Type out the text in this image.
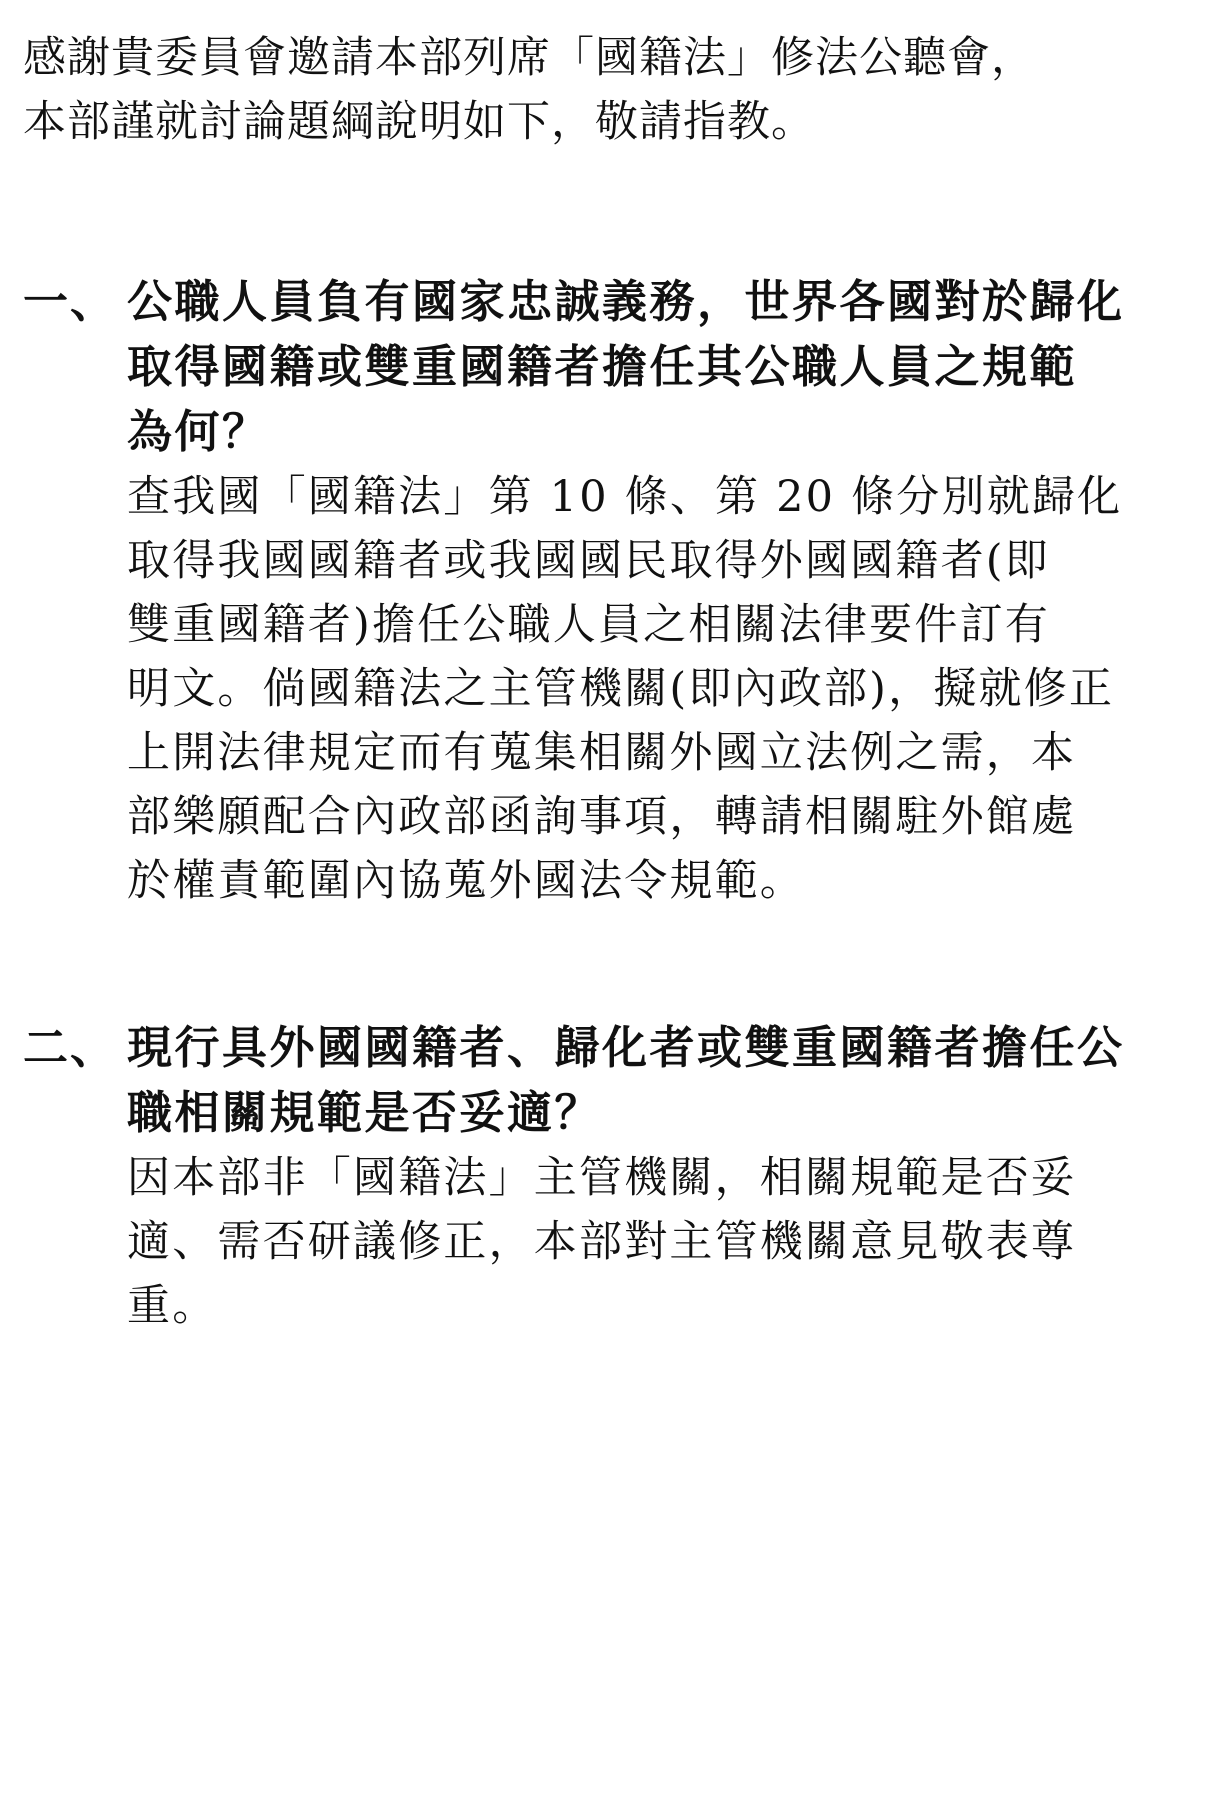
感謝貴委員會邀請本部列席「國籍法」修法公聽會，
本部謹就討論題綱說明如下，敬請指教。
一、 公職人員負有國家忠誠義務，世界各國對於歸化
取得國籍或雙重國籍者擔任其公職人員之規範
為何？
查我國「國籍法」第 10 條、第 20 條分別就歸化
取得我國國籍者或我國國民取得外國國籍者(即
雙重國籍者)擔任公職人員之相關法律要件訂有
明文。倘國籍法之主管機關(即內政部)，擬就修正
上開法律規定而有蒐集相關外國立法例之需，本
部樂願配合內政部函詢事項，轉請相關駐外館處
於權責範圍內協蒐外國法令規範。
二、 現行具外國國籍者、歸化者或雙重國籍者擔任公
職相關規範是否妥適？
因本部非「國籍法」主管機關，相關規範是否妥
適、需否研議修正，本部對主管機關意見敬表尊
重。
